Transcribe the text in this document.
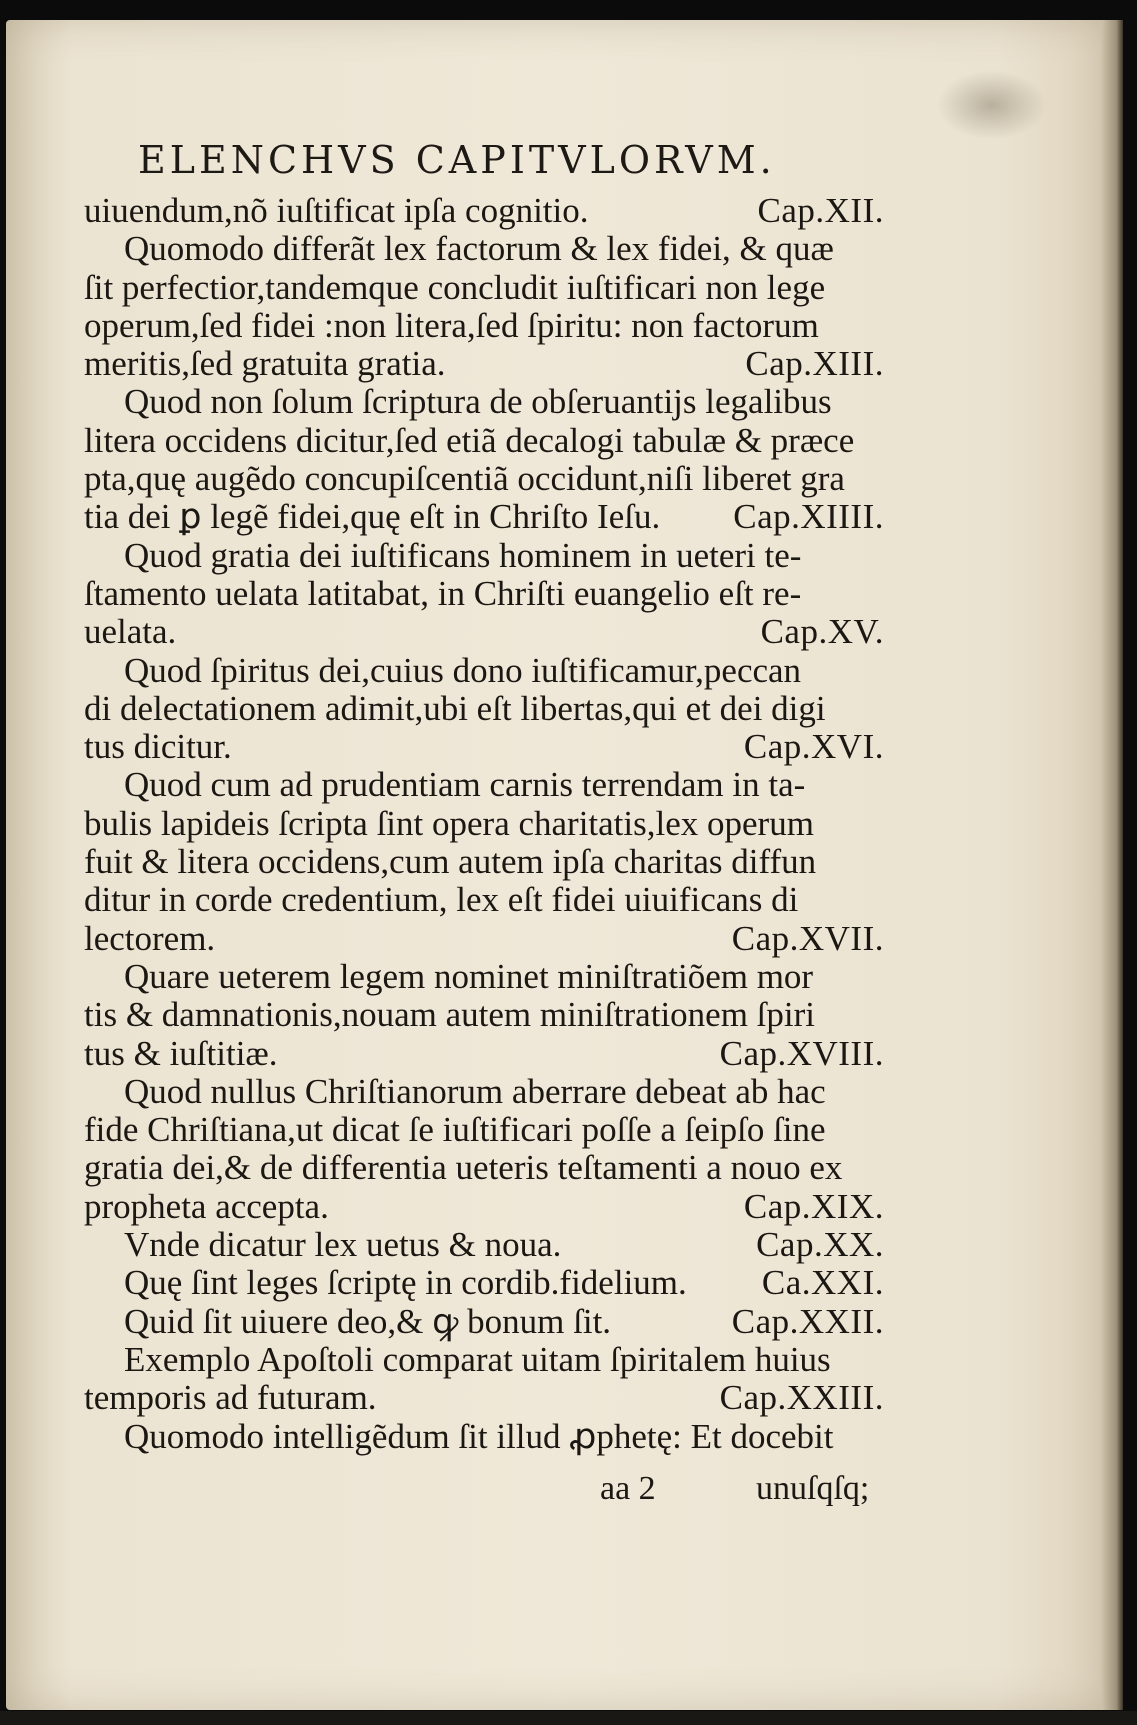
ELENCHVS CAPITVLORVM.
uiuendum,nõ iuſtificat ipſa cognitio.	Cap.XII.
Quomodo differãt lex factorum & lex fidei, & quæ
ſit perfectior,tandemque concludit iuſtificari non lege
operum,ſed fidei :non litera,ſed ſpiritu: non factorum
meritis,ſed gratuita gratia.	Cap.XIII.
Quod non ſolum ſcriptura de obſeruantijs legalibus
litera occidens dicitur,ſed etiã decalogi tabulæ & præce
pta,quę augẽdo concupiſcentiã occidunt,niſi liberet gra
tia dei ꝑ legẽ fidei,quę eſt in Chriſto Ieſu. Cap.XIIII.
Quod gratia dei iuſtificans hominem in ueteri te-
ſtamento uelata latitabat, in Chriſti euangelio eſt re-
uelata.	Cap.XV.
Quod ſpiritus dei,cuius dono iuſtificamur,peccan
di delectationem adimit,ubi eſt libertas,qui et dei digi
tus dicitur.	Cap.XVI.
Quod cum ad prudentiam carnis terrendam in ta-
bulis lapideis ſcripta ſint opera charitatis,lex operum
fuit & litera occidens,cum autem ipſa charitas diffun
ditur in corde credentium, lex eſt fidei uiuificans di
lectorem.	Cap.XVII.
Quare ueterem legem nominet miniſtratiõem mor
tis & damnationis,nouam autem miniſtrationem ſpiri
tus & iuſtitiæ.	Cap.XVIII.
Quod nullus Chriſtianorum aberrare debeat ab hac
fide Chriſtiana,ut dicat ſe iuſtificari poſſe a ſeipſo ſine
gratia dei,& de differentia ueteris teſtamenti a nouo ex
propheta accepta.	Cap.XIX.
Vnde dicatur lex uetus & noua.	Cap.XX.
Quę ſint leges ſcriptę in cordib.fidelium. Ca.XXI.
Quid ſit uiuere deo,& ꝙ bonum ſit.	Cap.XXII.
Exemplo Apoſtoli comparat uitam ſpiritalem huius
temporis ad futuram.	Cap.XXIII.
Quomodo intelligẽdum ſit illud ꝓphetę: Et docebit
aa 2	unuſqſq;
